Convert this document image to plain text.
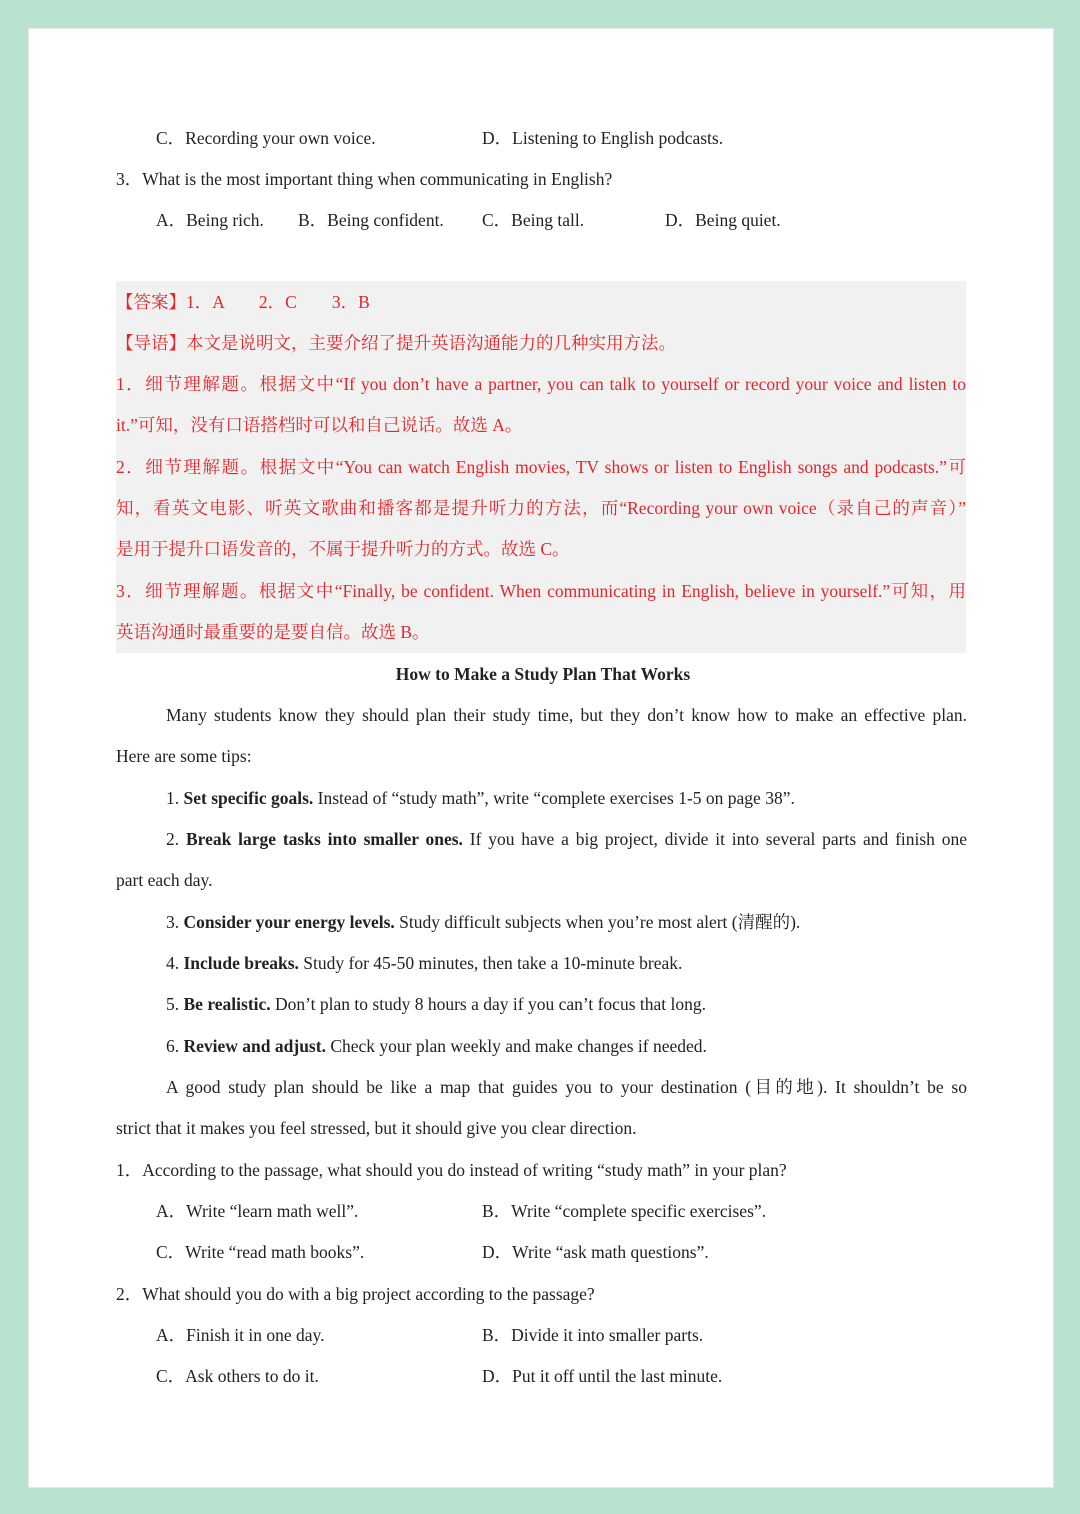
C．Recording your own voice.	D．Listening to English podcasts.
3．What is the most important thing when communicating in English?
A．Being rich. B．Being confident. C．Being tall.	D．Being quiet.
【答案】1．A　　2．C　　3．B
【导语】本文是说明文，主要介绍了提升英语沟通能力的几种实用方法。
1．细节理解题。根据文中“If you don’t have a partner, you can talk to yourself or record your voice and listen to
it.”可知，没有口语搭档时可以和自己说话。故选 A。
2．细节理解题。根据文中“You can watch English movies, TV shows or listen to English songs and podcasts.”可
知，看英文电影、听英文歌曲和播客都是提升听力的方法，而“Recording your own voice（录自己的声音）”
是用于提升口语发音的，不属于提升听力的方式。故选 C。
3．细节理解题。根据文中“Finally, be confident. When communicating in English, believe in yourself.”可知，用
英语沟通时最重要的是要自信。故选 B。
How to Make a Study Plan That Works
Many students know they should plan their study time, but they don’t know how to make an effective plan.
Here are some tips:
1. Set specific goals. Instead of “study math”, write “complete exercises 1-5 on page 38”.
2. Break large tasks into smaller ones. If you have a big project, divide it into several parts and finish one
part each day.
3. Consider your energy levels. Study difficult subjects when you’re most alert (清醒的).
4. Include breaks. Study for 45-50 minutes, then take a 10-minute break.
5. Be realistic. Don’t plan to study 8 hours a day if you can’t focus that long.
6. Review and adjust. Check your plan weekly and make changes if needed.
A good study plan should be like a map that guides you to your destination (目的地). It shouldn’t be so
strict that it makes you feel stressed, but it should give you clear direction.
1．According to the passage, what should you do instead of writing “study math” in your plan?
A．Write “learn math well”.	B．Write “complete specific exercises”.
C．Write “read math books”.	D．Write “ask math questions”.
2．What should you do with a big project according to the passage?
A．Finish it in one day.	B．Divide it into smaller parts.
C．Ask others to do it.	D．Put it off until the last minute.
